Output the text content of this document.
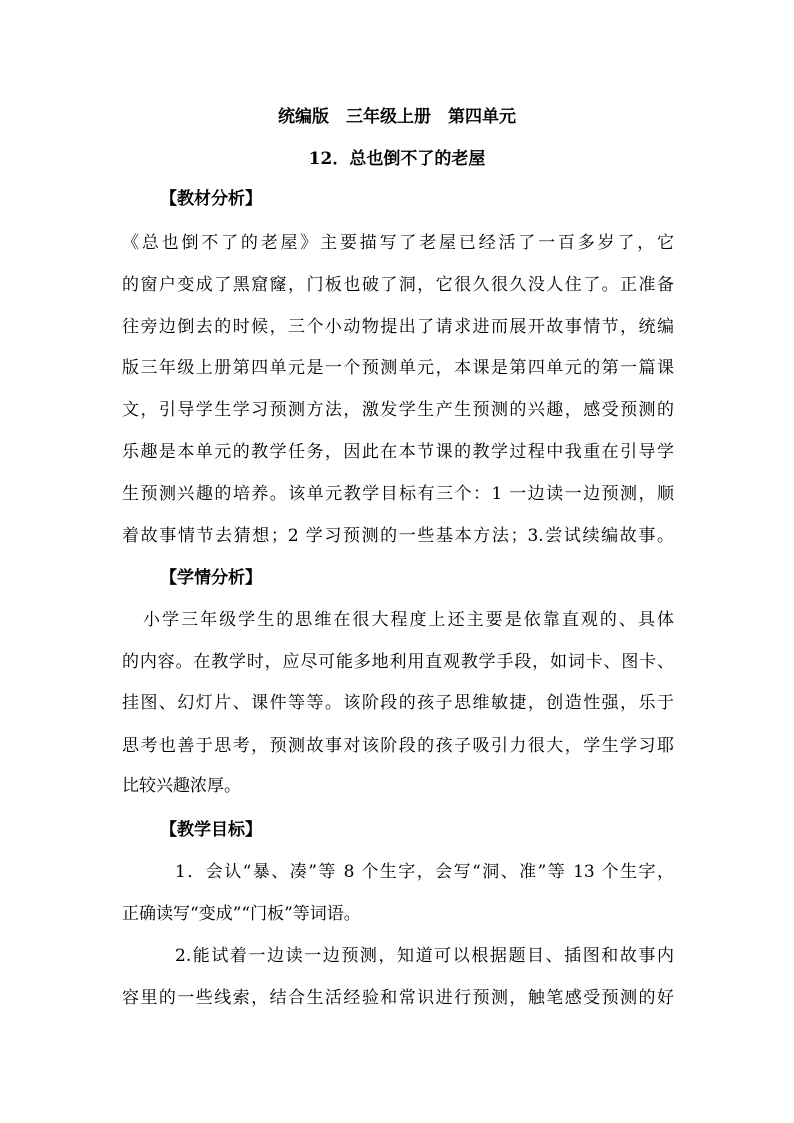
统编版　三年级上册　第四单元
12．总也倒不了的老屋
【教材分析】
《总也倒不了的老屋》主要描写了老屋已经活了一百多岁了，它
的窗户变成了黑窟窿，门板也破了洞，它很久很久没人住了。正准备
往旁边倒去的时候，三个小动物提出了请求进而展开故事情节，统编
版三年级上册第四单元是一个预测单元，本课是第四单元的第一篇课
文，引导学生学习预测方法，激发学生产生预测的兴趣，感受预测的
乐趣是本单元的教学任务，因此在本节课的教学过程中我重在引导学
生预测兴趣的培养。该单元教学目标有三个：1 一边读一边预测，顺
着故事情节去猜想；2 学习预测的一些基本方法；3.尝试续编故事。
【学情分析】
小学三年级学生的思维在很大程度上还主要是依靠直观的、具体
的内容。在教学时，应尽可能多地利用直观教学手段，如词卡、图卡、
挂图、幻灯片、课件等等。该阶段的孩子思维敏捷，创造性强，乐于
思考也善于思考，预测故事对该阶段的孩子吸引力很大，学生学习耶
比较兴趣浓厚。
【教学目标】
1．会认“暴、凑”等 8 个生字，会写“洞、准”等 13 个生字，
正确读写“变成”“门板”等词语。
2.能试着一边读一边预测，知道可以根据题目、插图和故事内
容里的一些线索，结合生活经验和常识进行预测，触笔感受预测的好
